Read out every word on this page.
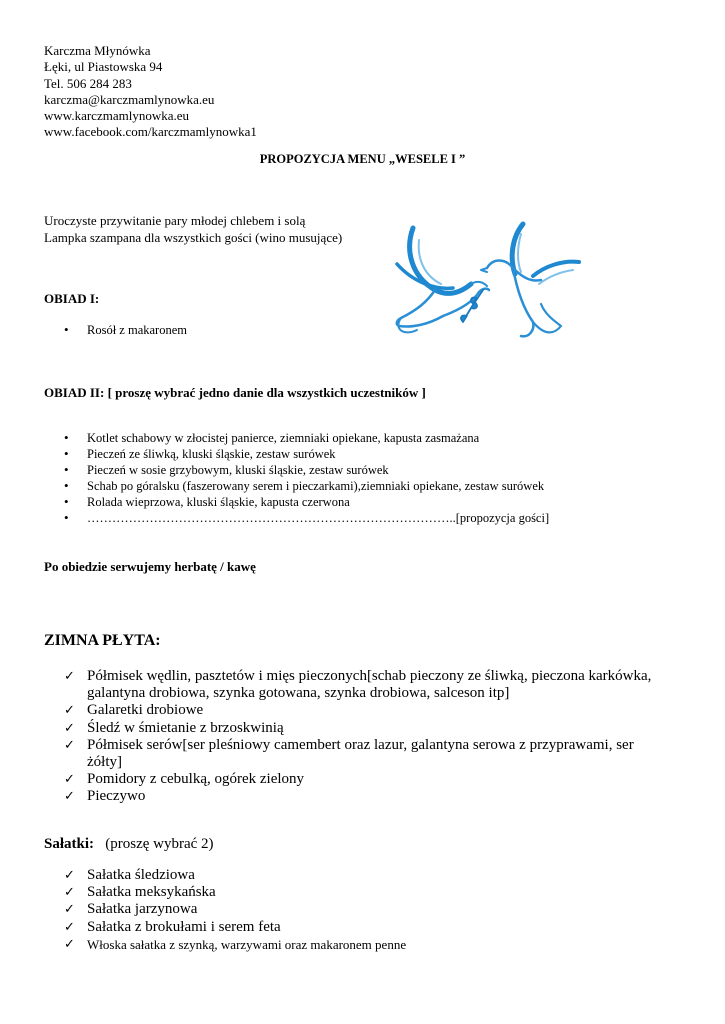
Karczma Młynówka
Łęki, ul Piastowska 94
Tel. 506 284 283
karczma@karczmamlynowka.eu
www.karczmamlynowka.eu
www.facebook.com/karczmamlynowka1
PROPOZYCJA MENU „WESELE I ”
Uroczyste przywitanie pary młodej chlebem i solą
Lampka szampana dla wszystkich gości (wino musujące)
OBIAD I:
• Rosół z makaronem
OBIAD II: [ proszę wybrać jedno danie dla wszystkich uczestników ]
• Kotlet schabowy w złocistej panierce, ziemniaki opiekane, kapusta zasmażana
• Pieczeń ze śliwką, kluski śląskie, zestaw surówek
• Pieczeń w sosie grzybowym, kluski śląskie, zestaw surówek
• Schab po góralsku (faszerowany serem i pieczarkami),ziemniaki opiekane, zestaw surówek
• Rolada wieprzowa, kluski śląskie, kapusta czerwona
• ……………………………………………………………………………..[propozycja gości]
Po obiedzie serwujemy herbatę / kawę
ZIMNA PŁYTA:
✓ Półmisek wędlin, pasztetów i mięs pieczonych[schab pieczony ze śliwką, pieczona karkówka, galantyna drobiowa, szynka gotowana, szynka drobiowa, salceson itp]
✓ Galaretki drobiowe
✓ Śledź w śmietanie z brzoskwinią
✓ Półmisek serów[ser pleśniowy camembert oraz lazur, galantyna serowa z przyprawami, ser żółty]
✓ Pomidory z cebulką, ogórek zielony
✓ Pieczywo
Sałatki: (proszę wybrać 2)
✓ Sałatka śledziowa
✓ Sałatka meksykańska
✓ Sałatka jarzynowa
✓ Sałatka z brokułami i serem feta
✓ Włoska sałatka z szynką, warzywami oraz makaronem penne
